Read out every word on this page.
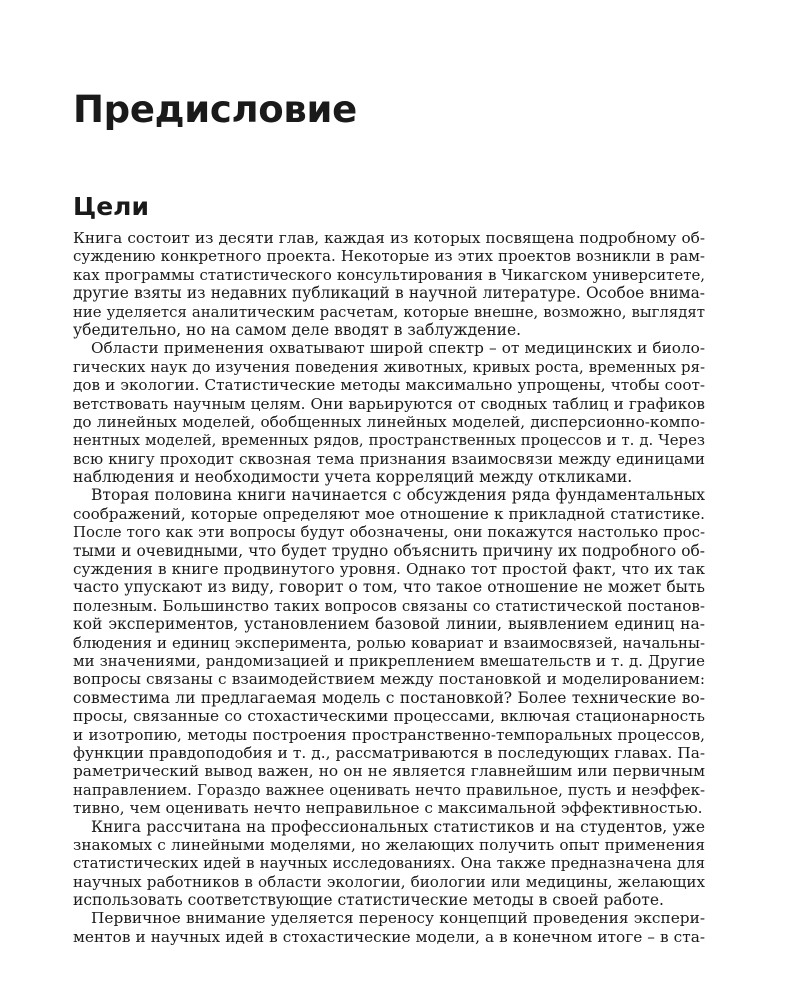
Предисловие
Цели
Книга состоит из десяти глав, каждая из которых посвящена подробному об-
суждению конкретного проекта. Некоторые из этих проектов возникли в рам-
ках программы статистического консультирования в Чикагском университете,
другие взяты из недавних публикаций в научной литературе. Особое внима-
ние уделяется аналитическим расчетам, которые внешне, возможно, выглядят
убедительно, но на самом деле вводят в заблуждение.
Области применения охватывают широй спектр – от медицинских и биоло-
гических наук до изучения поведения животных, кривых роста, временных ря-
дов и экологии. Статистические методы максимально упрощены, чтобы соот-
ветствовать научным целям. Они варьируются от сводных таблиц и графиков
до линейных моделей, обобщенных линейных моделей, дисперсионно-компо-
нентных моделей, временных рядов, пространственных процессов и т. д. Через
всю книгу проходит сквозная тема признания взаимосвязи между единицами
наблюдения и необходимости учета корреляций между откликами.
Вторая половина книги начинается с обсуждения ряда фундаментальных
соображений, которые определяют мое отношение к прикладной статистике.
После того как эти вопросы будут обозначены, они покажутся настолько прос-
тыми и очевидными, что будет трудно объяснить причину их подробного об-
суждения в книге продвинутого уровня. Однако тот простой факт, что их так
часто упускают из виду, говорит о том, что такое отношение не может быть
полезным. Большинство таких вопросов связаны со статистической постанов-
кой экспериментов, установлением базовой линии, выявлением единиц на-
блюдения и единиц эксперимента, ролью ковариат и взаимосвязей, начальны-
ми значениями, рандомизацией и прикреплением вмешательств и т. д. Другие
вопросы связаны с взаимодействием между постановкой и моделированием:
совместима ли предлагаемая модель с постановкой? Более технические во-
просы, связанные со стохастическими процессами, включая стационарность
и изотропию, методы построения пространственно-темпоральных процессов,
функции правдоподобия и т. д., рассматриваются в последующих главах. Па-
раметрический вывод важен, но он не является главнейшим или первичным
направлением. Гораздо важнее оценивать нечто правильное, пусть и неэффек-
тивно, чем оценивать нечто неправильное с максимальной эффективностью.
Книга рассчитана на профессиональных статистиков и на студентов, уже
знакомых с линейными моделями, но желающих получить опыт применения
статистических идей в научных исследованиях. Она также предназначена для
научных работников в области экологии, биологии или медицины, желающих
использовать соответствующие статистические методы в своей работе.
Первичное внимание уделяется переносу концепций проведения экспери-
ментов и научных идей в стохастические модели, а в конечном итоге – в ста-
